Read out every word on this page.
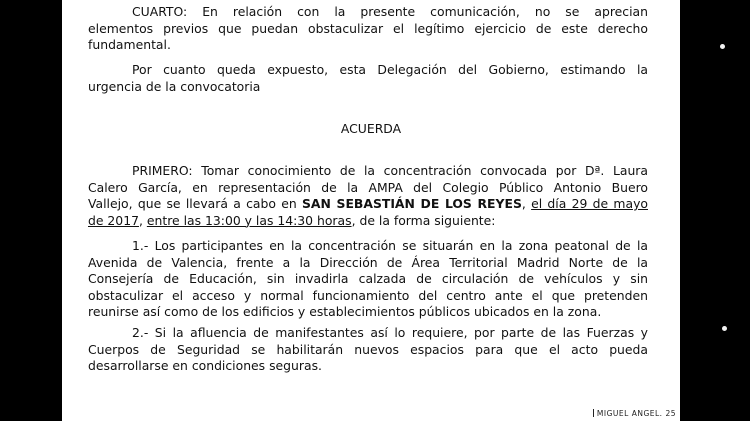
CUARTO: En relación con la presente comunicación, no se aprecian
elementos previos que puedan obstaculizar el legítimo ejercicio de este derecho
fundamental.
Por cuanto queda expuesto, esta Delegación del Gobierno, estimando la
urgencia de la convocatoria
ACUERDA
PRIMERO: Tomar conocimiento de la concentración convocada por Dª. Laura
Calero García, en representación de la AMPA del Colegio Público Antonio Buero
Vallejo, que se llevará a cabo en SAN SEBASTIÁN DE LOS REYES, el día 29 de mayo
de 2017, entre las 13:00 y las 14:30 horas, de la forma siguiente:
1.- Los participantes en la concentración se situarán en la zona peatonal de la
Avenida de Valencia, frente a la Dirección de Área Territorial Madrid Norte de la
Consejería de Educación, sin invadirla calzada de circulación de vehículos y sin
obstaculizar el acceso y normal funcionamiento del centro ante el que pretenden
reunirse así como de los edificios y establecimientos públicos ubicados en la zona.
2.- Si la afluencia de manifestantes así lo requiere, por parte de las Fuerzas y
Cuerpos de Seguridad se habilitarán nuevos espacios para que el acto pueda
desarrollarse en condiciones seguras.
MIGUEL ANGEL. 25
